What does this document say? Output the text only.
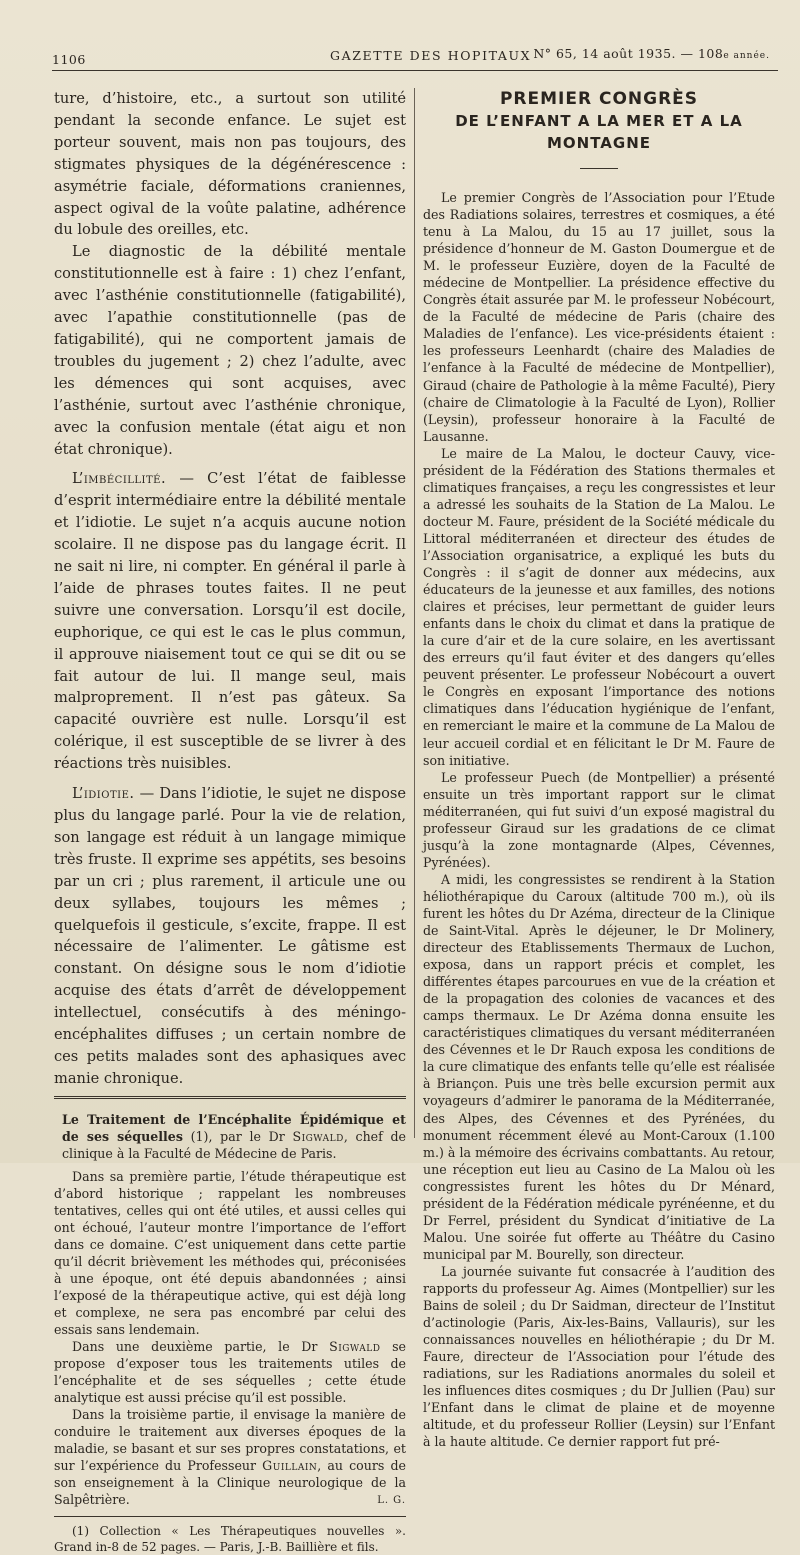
1106	GAZETTE DES HOPITAUX N° 65, 14 août 1935. — 108e année.

ture, d’histoire, etc., a surtout son utilité pendant la seconde enfance. Le sujet est porteur souvent, mais non pas toujours, des stigmates physiques de la dégénérescence : asymétrie faciale, déformations craniennes, aspect ogival de la voûte palatine, adhérence du lobule des oreilles, etc.

Le diagnostic de la débilité mentale constitutionnelle est à faire : 1) chez l’enfant, avec l’asthénie constitutionnelle (fatigabilité), avec l’apathie constitutionnelle (pas de fatigabilité), qui ne comportent jamais de troubles du jugement ; 2) chez l’adulte, avec les démences qui sont acquises, avec l’asthénie, surtout avec l’asthénie chronique, avec la confusion mentale (état aigu et non état chronique).

L’imbécillité. — C’est l’état de faiblesse d’esprit intermédiaire entre la débilité mentale et l’idiotie. Le sujet n’a acquis aucune notion scolaire. Il ne dispose pas du langage écrit. Il ne sait ni lire, ni compter. En général il parle à l’aide de phrases toutes faites. Il ne peut suivre une conversation. Lorsqu’il est docile, euphorique, ce qui est le cas le plus commun, il approuve niaisement tout ce qui se dit ou se fait autour de lui. Il mange seul, mais malproprement. Il n’est pas gâteux. Sa capacité ouvrière est nulle. Lorsqu’il est colérique, il est susceptible de se livrer à des réactions très nuisibles.

L’idiotie. — Dans l’idiotie, le sujet ne dispose plus du langage parlé. Pour la vie de relation, son langage est réduit à un langage mimique très fruste. Il exprime ses appétits, ses besoins par un cri ; plus rarement, il articule une ou deux syllabes, toujours les mêmes ; quelquefois il gesticule, s’excite, frappe. Il est nécessaire de l’alimenter. Le gâtisme est constant. On désigne sous le nom d’idiotie acquise des états d’arrêt de développement intellectuel, consécutifs à des méningo-encéphalites diffuses ; un certain nombre de ces petits malades sont des aphasiques avec manie chronique.

Le Traitement de l’Encéphalite Épidémique et de ses séquelles (1), par le Dr Sigwald, chef de clinique à la Faculté de Médecine de Paris.

Dans sa première partie, l’étude thérapeutique est d’abord historique ; rappelant les nombreuses tentatives, celles qui ont été utiles, et aussi celles qui ont échoué, l’auteur montre l’importance de l’effort dans ce domaine. C’est uniquement dans cette partie qu’il décrit brièvement les méthodes qui, préconisées à une époque, ont été depuis abandonnées ; ainsi l’exposé de la thérapeutique active, qui est déjà long et complexe, ne sera pas encombré par celui des essais sans lendemain.

Dans une deuxième partie, le Dr Sigwald se propose d’exposer tous les traitements utiles de l’encéphalite et de ses séquelles ; cette étude analytique est aussi précise qu’il est possible.

Dans la troisième partie, il envisage la manière de conduire le traitement aux diverses époques de la maladie, se basant et sur ses propres constatations, et sur l’expérience du Professeur Guillain, au cours de son enseignement à la Clinique neurologique de la Salpêtrière.	L. G.

(1) Collection « Les Thérapeutiques nouvelles ». Grand in-8 de 52 pages. — Paris, J.-B. Baillière et fils.

PREMIER CONGRÈS
DE L’ENFANT A LA MER ET A LA MONTAGNE

Le premier Congrès de l’Association pour l’Etude des Radiations solaires, terrestres et cosmiques, a été tenu à La Malou, du 15 au 17 juillet, sous la présidence d’honneur de M. Gaston Doumergue et de M. le professeur Euzière, doyen de la Faculté de médecine de Montpellier. La présidence effective du Congrès était assurée par M. le professeur Nobécourt, de la Faculté de médecine de Paris (chaire des Maladies de l’enfance). Les vice-présidents étaient : les professeurs Leenhardt (chaire des Maladies de l’enfance à la Faculté de médecine de Montpellier), Giraud (chaire de Pathologie à la même Faculté), Piery (chaire de Climatologie à la Faculté de Lyon), Rollier (Leysin), professeur honoraire à la Faculté de Lausanne.

Le maire de La Malou, le docteur Cauvy, vice-président de la Fédération des Stations thermales et climatiques françaises, a reçu les congressistes et leur a adressé les souhaits de la Station de La Malou. Le docteur M. Faure, président de la Société médicale du Littoral méditerranéen et directeur des études de l’Association organisatrice, a expliqué les buts du Congrès : il s’agit de donner aux médecins, aux éducateurs de la jeunesse et aux familles, des notions claires et précises, leur permettant de guider leurs enfants dans le choix du climat et dans la pratique de la cure d’air et de la cure solaire, en les avertissant des erreurs qu’il faut éviter et des dangers qu’elles peuvent présenter. Le professeur Nobécourt a ouvert le Congrès en exposant l’importance des notions climatiques dans l’éducation hygiénique de l’enfant, en remerciant le maire et la commune de La Malou de leur accueil cordial et en félicitant le Dr M. Faure de son initiative.

Le professeur Puech (de Montpellier) a présenté ensuite un très important rapport sur le climat méditerranéen, qui fut suivi d’un exposé magistral du professeur Giraud sur les gradations de ce climat jusqu’à la zone montagnarde (Alpes, Cévennes, Pyrénées).

A midi, les congressistes se rendirent à la Station héliothérapique du Caroux (altitude 700 m.), où ils furent les hôtes du Dr Azéma, directeur de la Clinique de Saint-Vital. Après le déjeuner, le Dr Molinery, directeur des Etablissements Thermaux de Luchon, exposa, dans un rapport précis et complet, les différentes étapes parcourues en vue de la création et de la propagation des colonies de vacances et des camps thermaux. Le Dr Azéma donna ensuite les caractéristiques climatiques du versant méditerranéen des Cévennes et le Dr Rauch exposa les conditions de la cure climatique des enfants telle qu’elle est réalisée à Briançon. Puis une très belle excursion permit aux voyageurs d’admirer le panorama de la Méditerranée, des Alpes, des Cévennes et des Pyrénées, du monument récemment élevé au Mont-Caroux (1.100 m.) à la mémoire des écrivains combattants. Au retour, une réception eut lieu au Casino de La Malou où les congressistes furent les hôtes du Dr Ménard, président de la Fédération médicale pyrénéenne, et du Dr Ferrel, président du Syndicat d’initiative de La Malou. Une soirée fut offerte au Théâtre du Casino municipal par M. Bourelly, son directeur.

La journée suivante fut consacrée à l’audition des rapports du professeur Ag. Aimes (Montpellier) sur les Bains de soleil ; du Dr Saidman, directeur de l’Institut d’actinologie (Paris, Aix-les-Bains, Vallauris), sur les connaissances nouvelles en héliothérapie ; du Dr M. Faure, directeur de l’Association pour l’étude des radiations, sur les Radiations anormales du soleil et les influences dites cosmiques ; du Dr Jullien (Pau) sur l’Enfant dans le climat de plaine et de moyenne altitude, et du professeur Rollier (Leysin) sur l’Enfant à la haute altitude. Ce dernier rapport fut pré-
